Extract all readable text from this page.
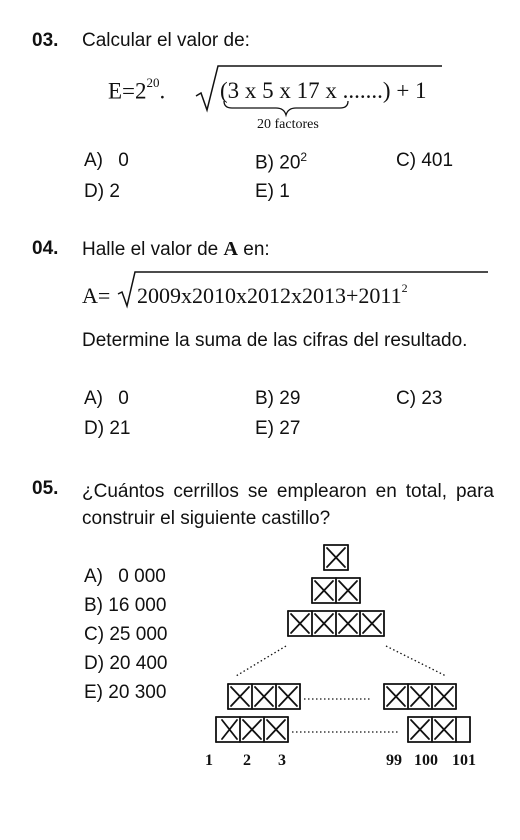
03. Calcular el valor de:
$E=2^{20}$. (3 x 5 x 17 x .......) + 1
20 factores
A) 0	B) $20^2$	C) 401
D) 2	E) 1
04. Halle el valor de A en:
$A= 2009x2010x2012x2013+2011^2$
Determine la suma de las cifras del resultado.
A) 0	B) 29	C) 23
D) 21	E) 27
05. ¿Cuántos cerrillos se emplearon en total, para construir el siguiente castillo?
A) 0 000
B) 16 000
C) 25 000
D) 20 400
E) 20 300
1 2 3	99 100 101
